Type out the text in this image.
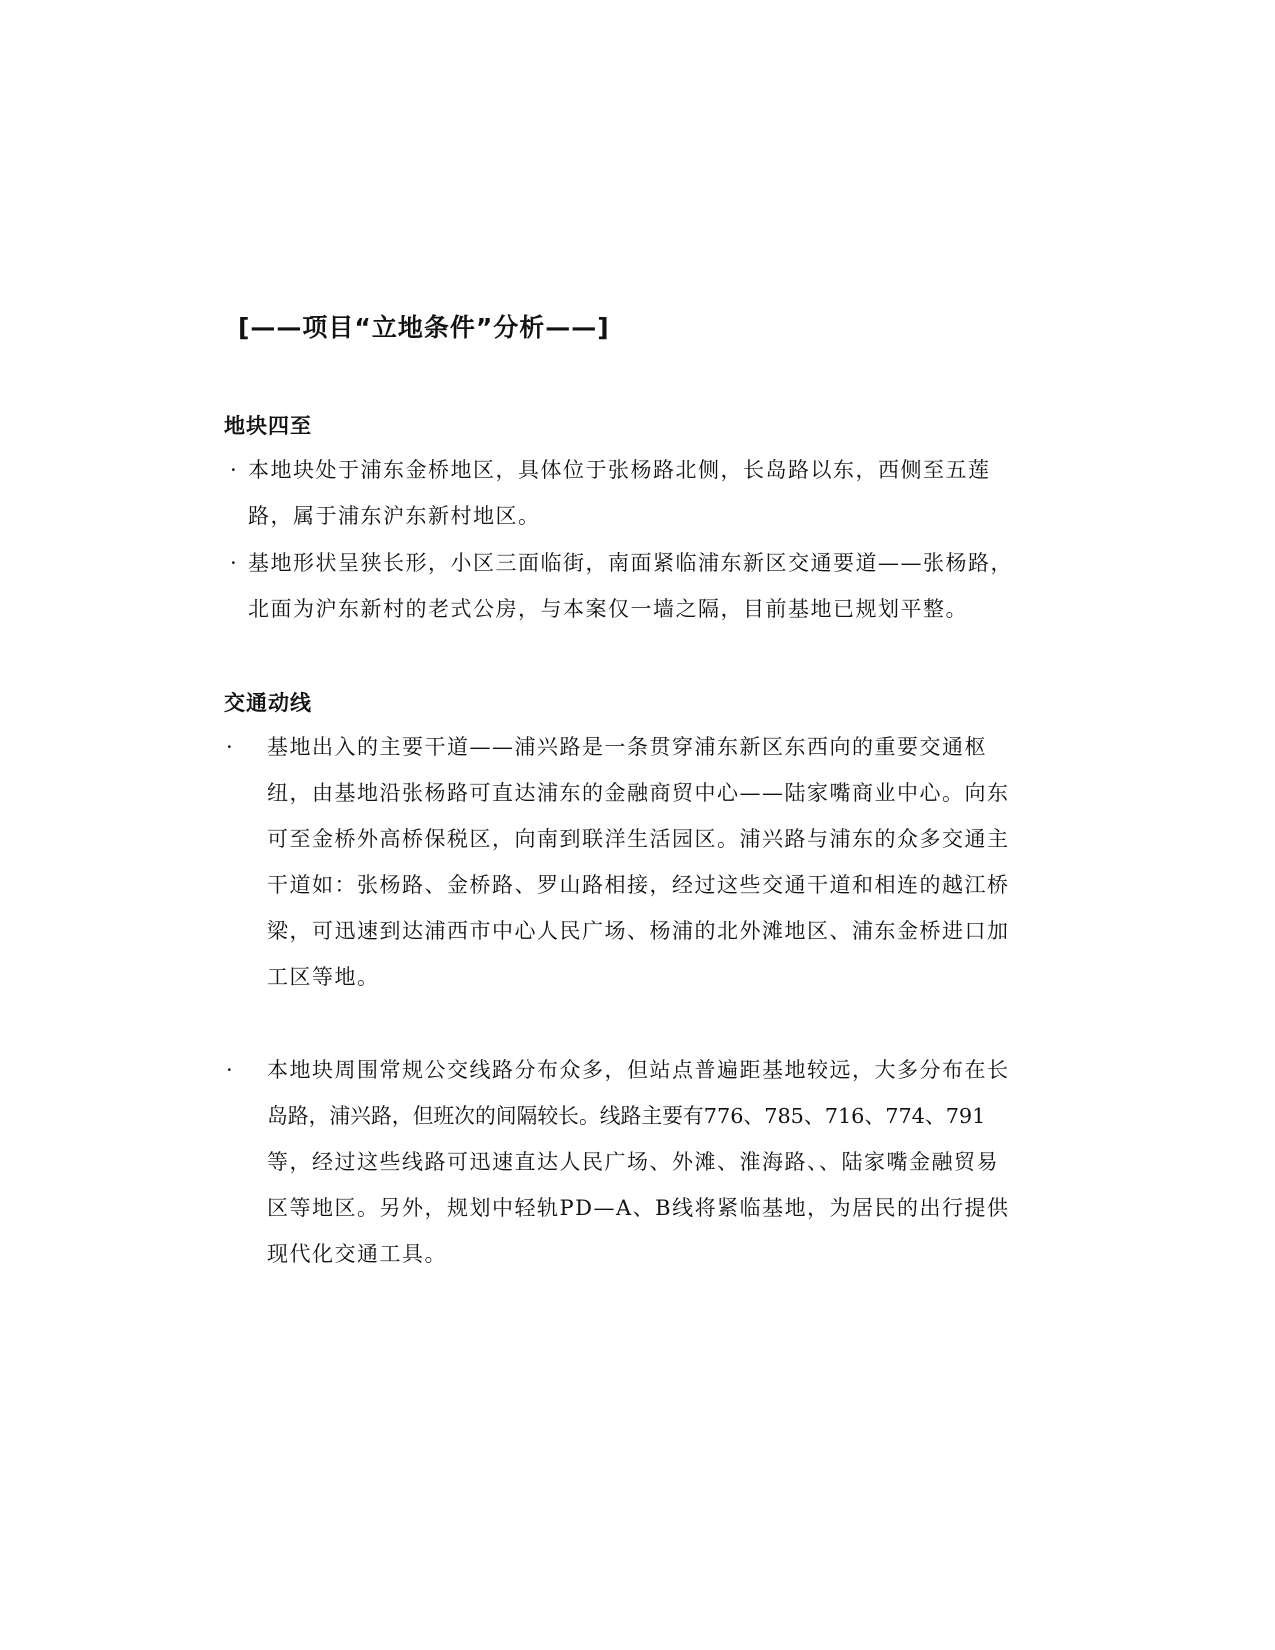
[——项目“立地条件”分析——]
地块四至
· 本地块处于浦东金桥地区，具体位于张杨路北侧，长岛路以东，西侧至五莲
路，属于浦东沪东新村地区。
· 基地形状呈狭长形，小区三面临街，南面紧临浦东新区交通要道——张杨路，
北面为沪东新村的老式公房，与本案仅一墙之隔，目前基地已规划平整。
交通动线
· 基地出入的主要干道——浦兴路是一条贯穿浦东新区东西向的重要交通枢
纽，由基地沿张杨路可直达浦东的金融商贸中心——陆家嘴商业中心。向东
可至金桥外高桥保税区，向南到联洋生活园区。浦兴路与浦东的众多交通主
干道如：张杨路、金桥路、罗山路相接，经过这些交通干道和相连的越江桥
梁，可迅速到达浦西市中心人民广场、杨浦的北外滩地区、浦东金桥进口加
工区等地。
· 本地块周围常规公交线路分布众多，但站点普遍距基地较远，大多分布在长
岛路，浦兴路，但班次的间隔较长。线路主要有776、785、716、774、791
等，经过这些线路可迅速直达人民广场、外滩、淮海路、、陆家嘴金融贸易
区等地区。另外，规划中轻轨PD—A、B线将紧临基地，为居民的出行提供
现代化交通工具。
